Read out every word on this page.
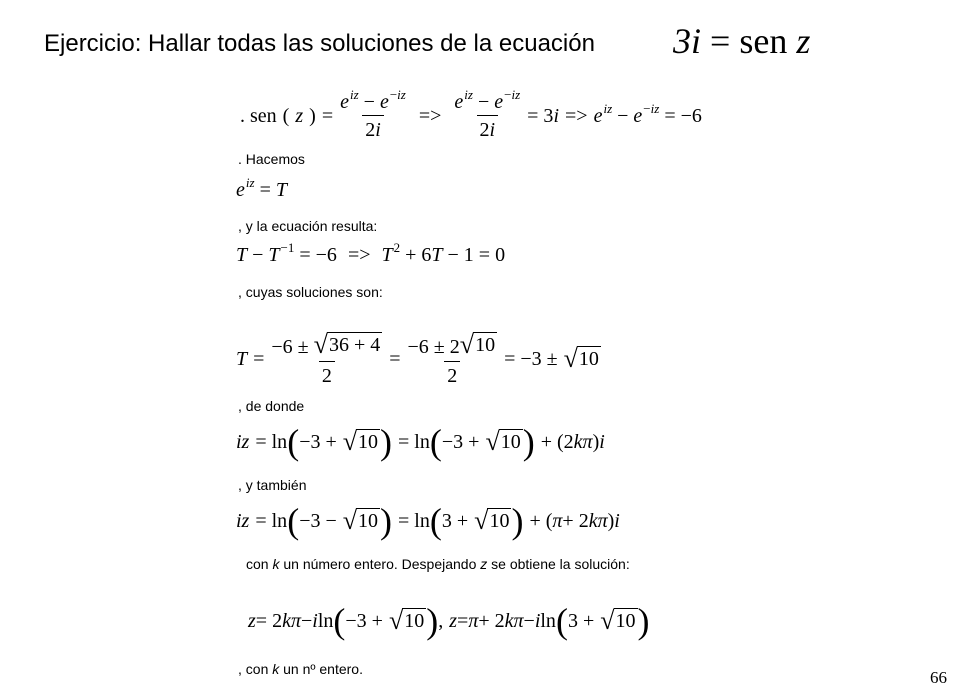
Ejercicio: Hallar todas las soluciones de la ecuación 3i = sen z
. sen ( z ) = $\frac{e^{iz} - e^{-iz}}{2i} => \frac{e^{iz} - e^{-iz}}{2i} = 3i => e^{iz} - e^{-iz} = -6$
. Hacemos
$e^{iz} = T$
, y la ecuación resulta:
$T - T^{-1} = -6 => T^2 + 6T - 1 = 0$
, cuyas soluciones son:
$T = \frac{-6 \pm √ 36 + 4}{2} = \frac{-6 \pm 2 √ 10}{2} = -3$ ± √ 10
, de donde
iz = ln ( −3 + √ 10 ) = ln ( −3 + √ 10 ) + (2 kπ ) i
, y también
iz = ln ( −3 − √ 10 ) = ln ( 3 + √ 10 ) + ( π + 2 kπ ) i
con k un número entero. Despejando z se obtiene la solución:
z = 2 kπ − i ln ( −3 + √ 10 ) , z = π + 2 kπ − i ln ( 3 + √ 10 )
, con k un nº entero.	66
